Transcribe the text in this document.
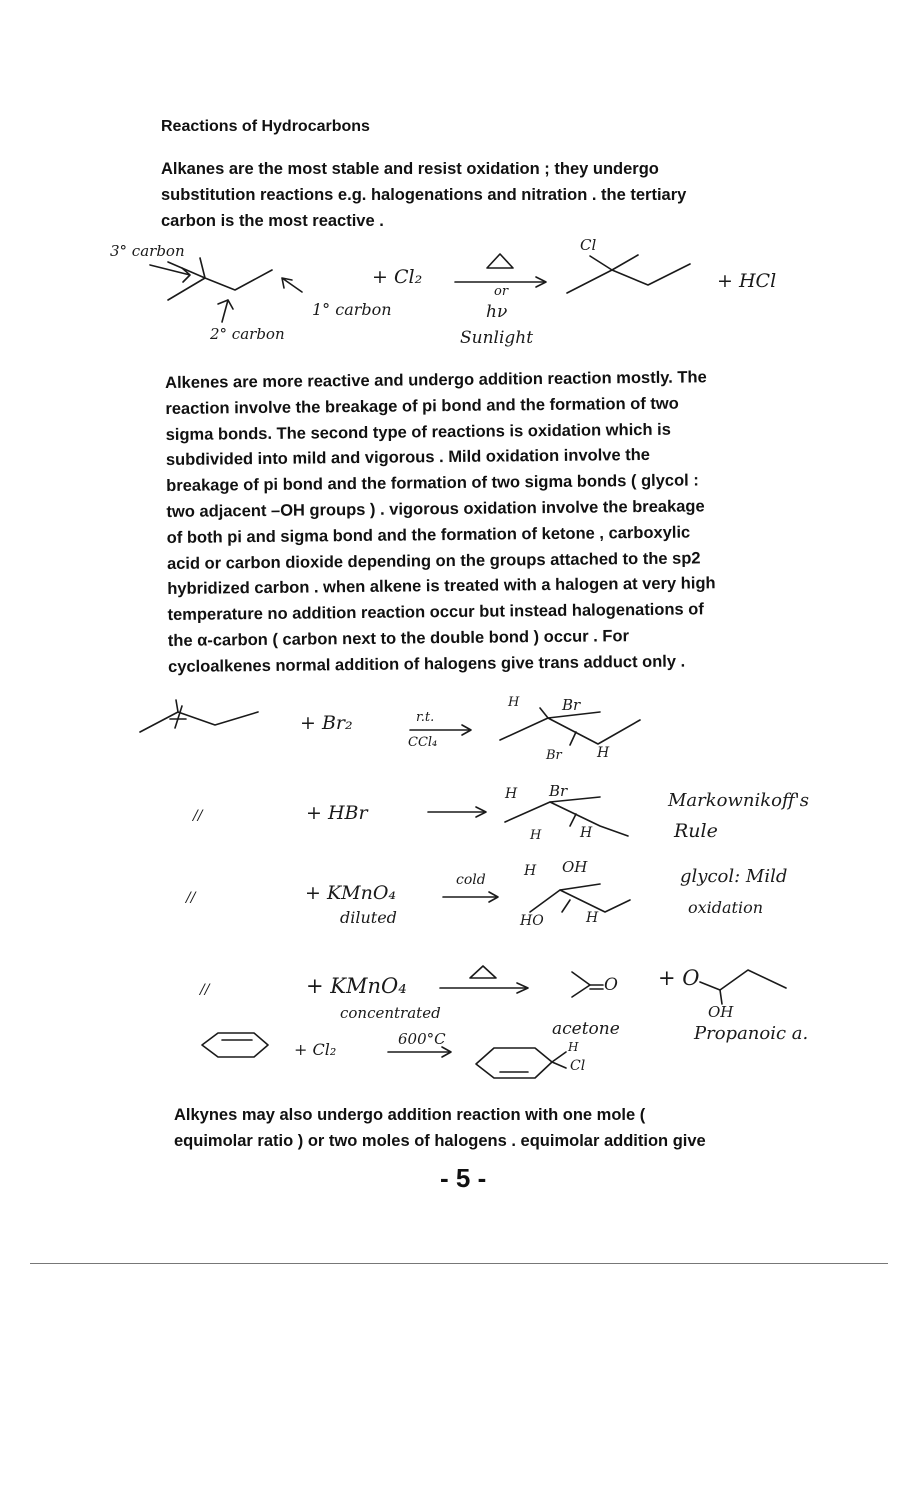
Reactions of Hydrocarbons
Alkanes are the most stable and resist oxidation ; they undergo
substitution reactions e.g. halogenations and nitration . the tertiary
carbon is the most reactive .
3° carbon
1° carbon
2° carbon
+ Cl₂
or
hν
Sunlight
Cl
+ HCl
Alkenes are more reactive and undergo addition reaction mostly. The
reaction involve the breakage of pi bond and the formation of two
sigma bonds. The second type of reactions is oxidation which is
subdivided into mild and vigorous . Mild oxidation involve the
breakage of pi bond and the formation of two sigma bonds ( glycol :
two adjacent –OH groups ) . vigorous oxidation involve the breakage
of both pi and sigma bond and the formation of ketone , carboxylic
acid or carbon dioxide depending on the groups attached to the sp2
hybridized carbon . when alkene is treated with a halogen at very high
temperature no addition reaction occur but instead halogenations of
the α-carbon ( carbon next to the double bond ) occur . For
cycloalkenes normal addition of halogens give trans adduct only .
+ Br₂	r.t.
CCl₄
H	Br
Br	H
//	+ HBr
H Br
H	H
Markownikoff's
Rule
//	+ KMnO₄
diluted
cold
H OH
HO	H
glycol: Mild
oxidation
//	+ KMnO₄
concentrated
O
acetone
+ O
OH
Propanoic a.
+ Cl₂
600°C	H
Cl
Alkynes may also undergo addition reaction with one mole (
equimolar ratio ) or two moles of halogens . equimolar addition give
- 5 -
